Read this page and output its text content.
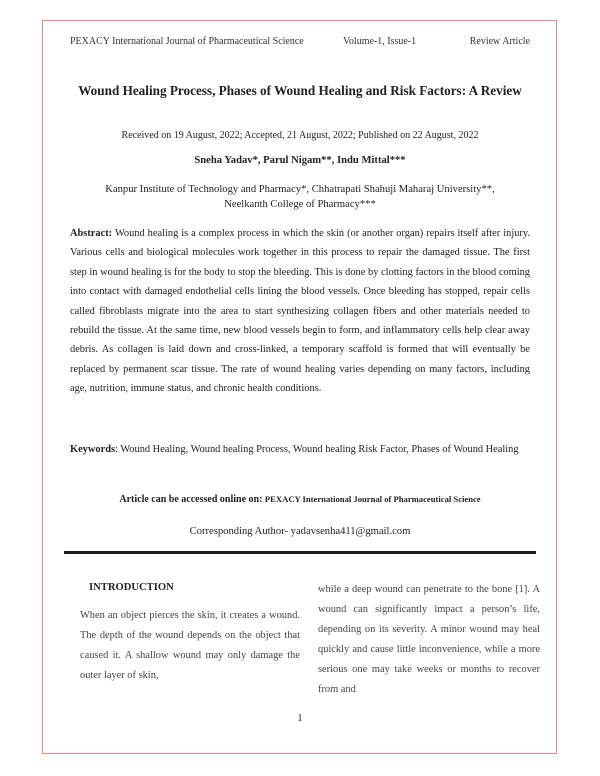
PEXACY International Journal of Pharmaceutical Science	Volume-1, Issue-1	Review Article
Wound Healing Process, Phases of Wound Healing and Risk Factors: A Review
Received on 19 August, 2022; Accepted, 21 August, 2022; Published on 22 August, 2022
Sneha Yadav*, Parul Nigam**, Indu Mittal***
Kanpur Institute of Technology and Pharmacy*, Chhatrapati Shahuji Maharaj University**,
Neelkanth College of Pharmacy***

Abstract: Wound healing is a complex process in which the skin (or another organ) repairs itself after injury. Various cells and biological molecules work together in this process to repair the damaged tissue. The first step in wound healing is for the body to stop the bleeding. This is done by clotting factors in the blood coming into contact with damaged endothelial cells lining the blood vessels. Once bleeding has stopped, repair cells called fibroblasts migrate into the area to start synthesizing collagen fibers and other materials needed to rebuild the tissue. At the same time, new blood vessels begin to form, and inflammatory cells help clear away debris. As collagen is laid down and cross-linked, a temporary scaffold is formed that will eventually be replaced by permanent scar tissue. The rate of wound healing varies depending on many factors, including age, nutrition, immune status, and chronic health conditions.

Keywords: Wound Healing, Wound healing Process, Wound healing Risk Factor, Phases of Wound Healing

Article can be accessed online on: PEXACY International Journal of Pharmaceutical Science
Corresponding Author- yadavsenha411@gmail.com
INTRODUCTION

When an object pierces the skin, it creates a wound. The depth of the wound depends on the object that caused it. A shallow wound may only damage the outer layer of skin,

while a deep wound can penetrate to the bone [1]. A wound can significantly impact a person’s life, depending on its severity. A minor wound may heal quickly and cause little inconvenience, while a more serious one may take weeks or months to recover from and

1
